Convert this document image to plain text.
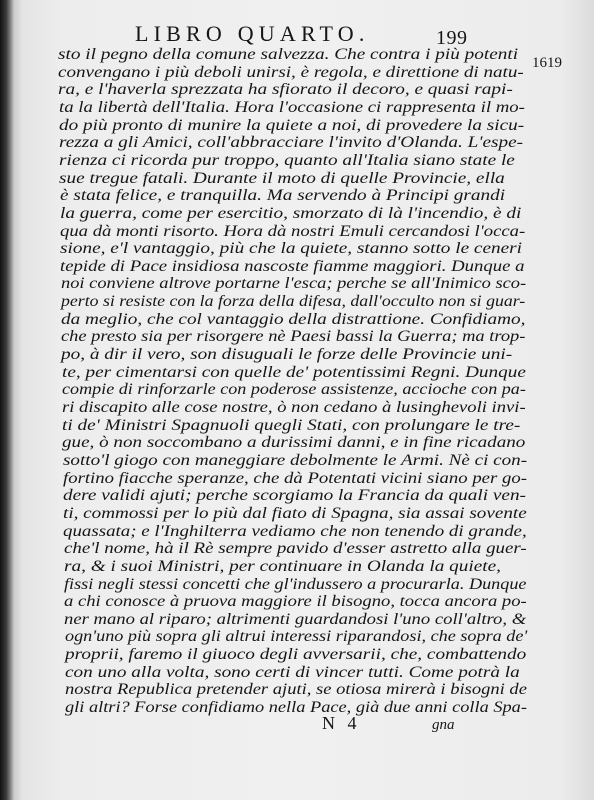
LIBRO QUARTO.	199
1619
sto il pegno della comune salvezza. Che contra i più potenti
convengano i più deboli unirsi, è regola, e direttione di natu-
ra, e l'haverla sprezzata ha sfiorato il decoro, e quasi rapi-
ta la libertà dell'Italia. Hora l'occasione ci rappresenta il mo-
do più pronto di munire la quiete a noi, di provedere la sicu-
rezza a gli Amici, coll'abbracciare l'invito d'Olanda. L'espe-
rienza ci ricorda pur troppo, quanto all'Italia siano state le
sue tregue fatali. Durante il moto di quelle Provincie, ella
è stata felice, e tranquilla. Ma servendo à Principi grandi
la guerra, come per esercitio, smorzato di là l'incendio, è di
qua dà monti risorto. Hora dà nostri Emuli cercandosi l'occa-
sione, e'l vantaggio, più che la quiete, stanno sotto le ceneri
tepide di Pace insidiosa nascoste fiamme maggiori. Dunque a
noi conviene altrove portarne l'esca; perche se all'Inimico sco-
perto si resiste con la forza della difesa, dall'occulto non si guar-
da meglio, che col vantaggio della distrattione. Confidiamo,
che presto sia per risorgere nè Paesi bassi la Guerra; ma trop-
po, à dir il vero, son disuguali le forze delle Provincie uni-
te, per cimentarsi con quelle de' potentissimi Regni. Dunque
compie di rinforzarle con poderose assistenze, accioche con pa-
ri discapito alle cose nostre, ò non cedano à lusinghevoli invi-
ti de' Ministri Spagnuoli quegli Stati, con prolungare le tre-
gue, ò non soccombano a durissimi danni, e in fine ricadano
sotto'l giogo con maneggiare debolmente le Armi. Nè ci con-
fortino fiacche speranze, che dà Potentati vicini siano per go-
dere validi ajuti; perche scorgiamo la Francia da quali ven-
ti, commossi per lo più dal fiato di Spagna, sia assai sovente
quassata; e l'Inghilterra vediamo che non tenendo di grande,
che'l nome, hà il Rè sempre pavido d'esser astretto alla guer-
ra, & i suoi Ministri, per continuare in Olanda la quiete,
fissi negli stessi concetti che gl'indussero a procurarla. Dunque
a chi conosce à pruova maggiore il bisogno, tocca ancora po-
ner mano al riparo; altrimenti guardandosi l'uno coll'altro, &
ogn'uno più sopra gli altrui interessi riparandosi, che sopra de'
proprii, faremo il giuoco degli avversarii, che, combattendo
con uno alla volta, sono certi di vincer tutti. Come potrà la
nostra Republica pretender ajuti, se otiosa mirerà i bisogni de
gli altri? Forse confidiamo nella Pace, già due anni colla Spa-
N 4	gna
